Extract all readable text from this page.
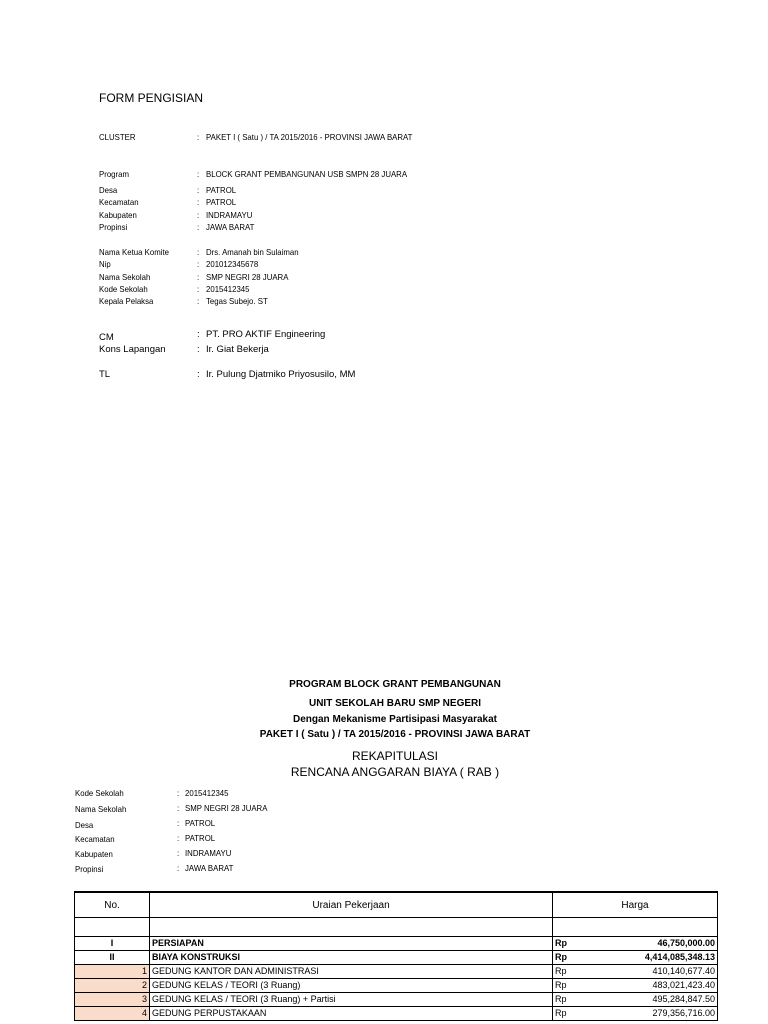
FORM PENGISIAN
CLUSTER	: PAKET I ( Satu ) / TA 2015/2016 - PROVINSI JAWA BARAT
Program	: BLOCK GRANT PEMBANGUNAN USB SMPN 28 JUARA
Desa	: PATROL
Kecamatan	: PATROL
Kabupaten	: INDRAMAYU
Propinsi	: JAWA BARAT
Nama Ketua Komite	: Drs. Amanah bin Sulaiman
Nip	: 201012345678
Nama Sekolah	: SMP NEGRI 28 JUARA
Kode Sekolah	: 2015412345
Kepala Pelaksa	: Tegas Subejo. ST
CM	: PT. PRO AKTIF Engineering
Kons Lapangan	: Ir. Giat Bekerja
TL	: Ir. Pulung Djatmiko Priyosusilo, MM
PROGRAM BLOCK GRANT PEMBANGUNAN
UNIT SEKOLAH BARU SMP NEGERI
Dengan Mekanisme Partisipasi Masyarakat
PAKET I ( Satu ) / TA 2015/2016 - PROVINSI JAWA BARAT
REKAPITULASI
RENCANA ANGGARAN BIAYA ( RAB )
Kode Sekolah	: 2015412345
Nama Sekolah	: SMP NEGRI 28 JUARA
Desa	: PATROL
Kecamatan	: PATROL
Kabupaten	: INDRAMAYU
Propinsi	: JAWA BARAT
No.	Uraian Pekerjaan	Harga	

I	PERSIAPAN	Rp	46,750,000.00
II	BIAYA KONSTRUKSI	Rp	4,414,085,348.13
1	GEDUNG KANTOR DAN ADMINISTRASI	Rp	410,140,677.40
2	GEDUNG KELAS / TEORI (3 Ruang)	Rp	483,021,423.40
3	GEDUNG KELAS / TEORI (3 Ruang) + Partisi	Rp	495,284,847.50
4	GEDUNG PERPUSTAKAAN	Rp	279,356,716.00
